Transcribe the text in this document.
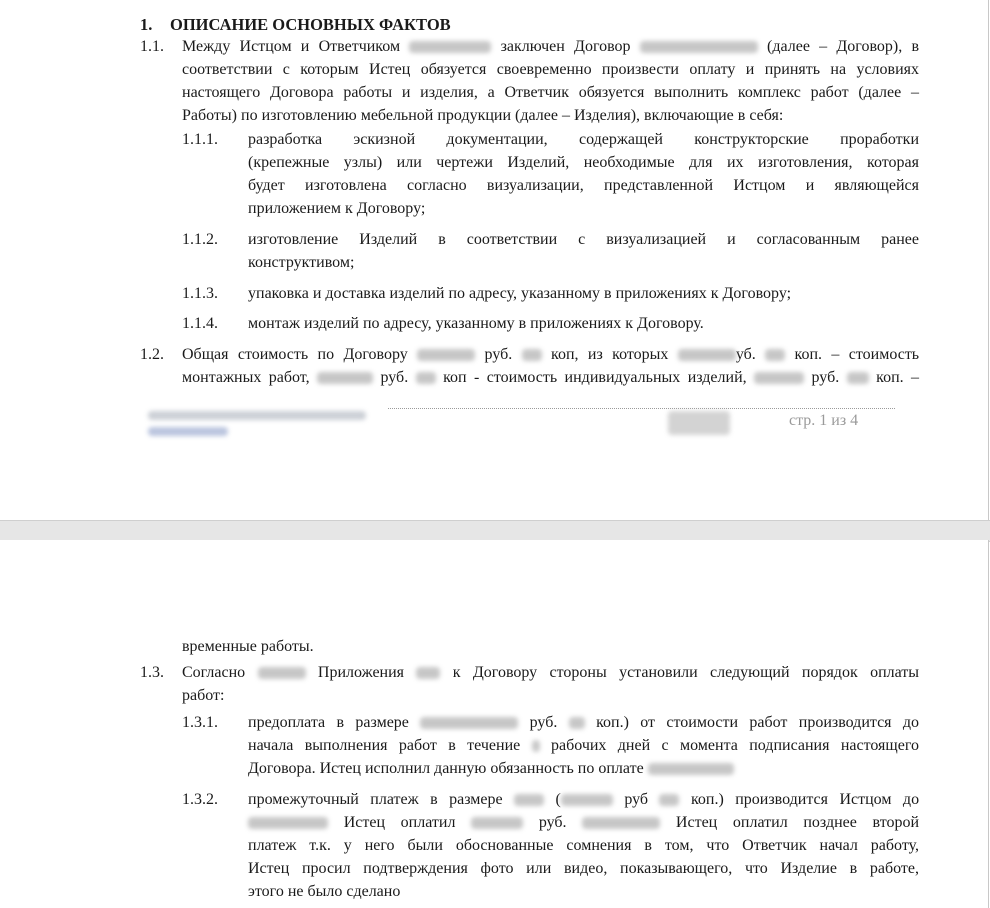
1. ОПИСАНИЕ ОСНОВНЫХ ФАКТОВ
1.1. Между Истцом и Ответчиком	заключен Договор	(далее – Договор), в
соответствии с которым Истец обязуется своевременно произвести оплату и принять на условиях
настоящего Договора работы и изделия, а Ответчик обязуется выполнить комплекс работ (далее –
Работы) по изготовлению мебельной продукции (далее – Изделия), включающие в себя:
1.1.1. разработка эскизной документации, содержащей конструкторские проработки
(крепежные узлы) или чертежи Изделий, необходимые для их изготовления, которая
будет изготовлена согласно визуализации, представленной Истцом и являющейся
приложением к Договору;
1.1.2. изготовление Изделий в соответствии с визуализацией и согласованным ранее
конструктивом;
1.1.3. упаковка и доставка изделий по адресу, указанному в приложениях к Договору;
1.1.4. монтаж изделий по адресу, указанному в приложениях к Договору.
1.2. Общая стоимость по Договору	руб. коп, из которых	уб. коп. – стоимость
монтажных работ,	руб. коп - стоимость индивидуальных изделий,	руб. коп. –
стр. 1 из 4
временные работы.
1.3. Согласно	Приложения	к Договору стороны установили следующий порядок оплаты
работ:
1.3.1. предоплата в размере	руб. коп.) от стоимости работ производится до
начала выполнения работ в течение рабочих дней с момента подписания настоящего
Договора. Истец исполнил данную обязанность по оплате
1.3.2. промежуточный платеж в размере	(	руб	коп.) производится Истцом до
Истец оплатил	руб.	Истец оплатил позднее второй
платеж т.к. у него были обоснованные сомнения в том, что Ответчик начал работу,
Истец просил подтверждения фото или видео, показывающего, что Изделие в работе,
этого не было сделано
